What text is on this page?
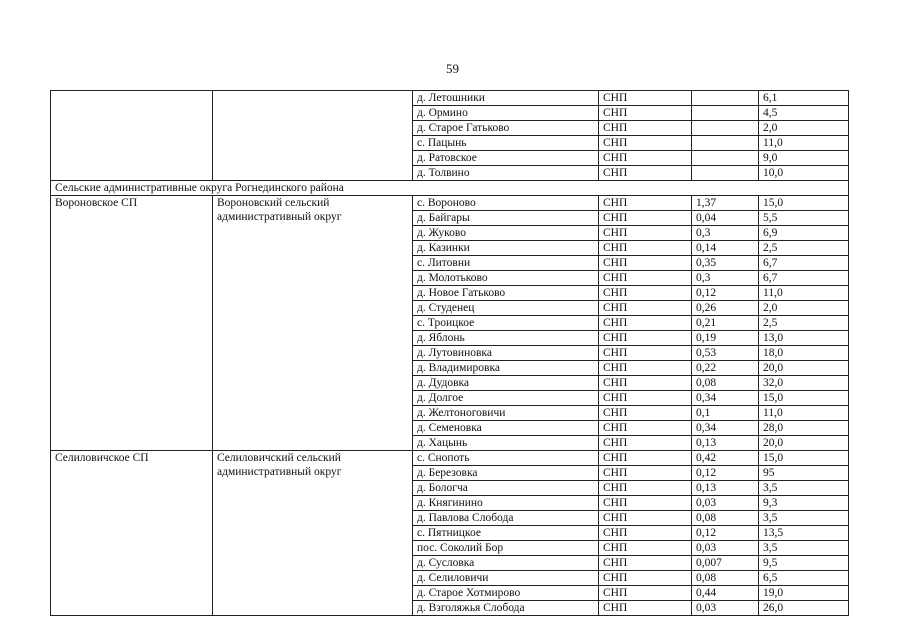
59
		д. Летошники	СНП		6,1
		д. Ормино	СНП		4,5
		д. Старое Гатьково	СНП		2,0
		с. Пацынь	СНП		11,0
		д. Ратовское	СНП		9,0
		д. Толвино	СНП		10,0
Сельские административные округа Рогнединского района					
Вороновское СП	Вороновский сельский административный округ	с. Вороново	СНП	1,37	15,0
		д. Байгары	СНП	0,04	5,5
		д. Жуково	СНП	0,3	6,9
		д. Казинки	СНП	0,14	2,5
		с. Литовни	СНП	0,35	6,7
		д. Молотьково	СНП	0,3	6,7
		д. Новое Гатьково	СНП	0,12	11,0
		д. Студенец	СНП	0,26	2,0
		с. Троицкое	СНП	0,21	2,5
		д. Яблонь	СНП	0,19	13,0
		д. Лутовиновка	СНП	0,53	18,0
		д. Владимировка	СНП	0,22	20,0
		д. Дудовка	СНП	0,08	32,0
		д. Долгое	СНП	0,34	15,0
		д. Желтоноговичи	СНП	0,1	11,0
		д. Семеновка	СНП	0,34	28,0
		д. Хацынь	СНП	0,13	20,0
Селиловичское СП	Селиловичский сельский административный округ	с. Снопоть	СНП	0,42	15,0
		д. Березовка	СНП	0,12	95
		д. Бологча	СНП	0,13	3,5
		д. Княгинино	СНП	0,03	9,3
		д. Павлова Слобода	СНП	0,08	3,5
		с. Пятницкое	СНП	0,12	13,5
		пос. Соколий Бор	СНП	0,03	3,5
		д. Сусловка	СНП	0,007	9,5
		д. Селиловичи	СНП	0,08	6,5
		д. Старое Хотмирово	СНП	0,44	19,0
		д. Взголяжья Слобода	СНП	0,03	26,0
